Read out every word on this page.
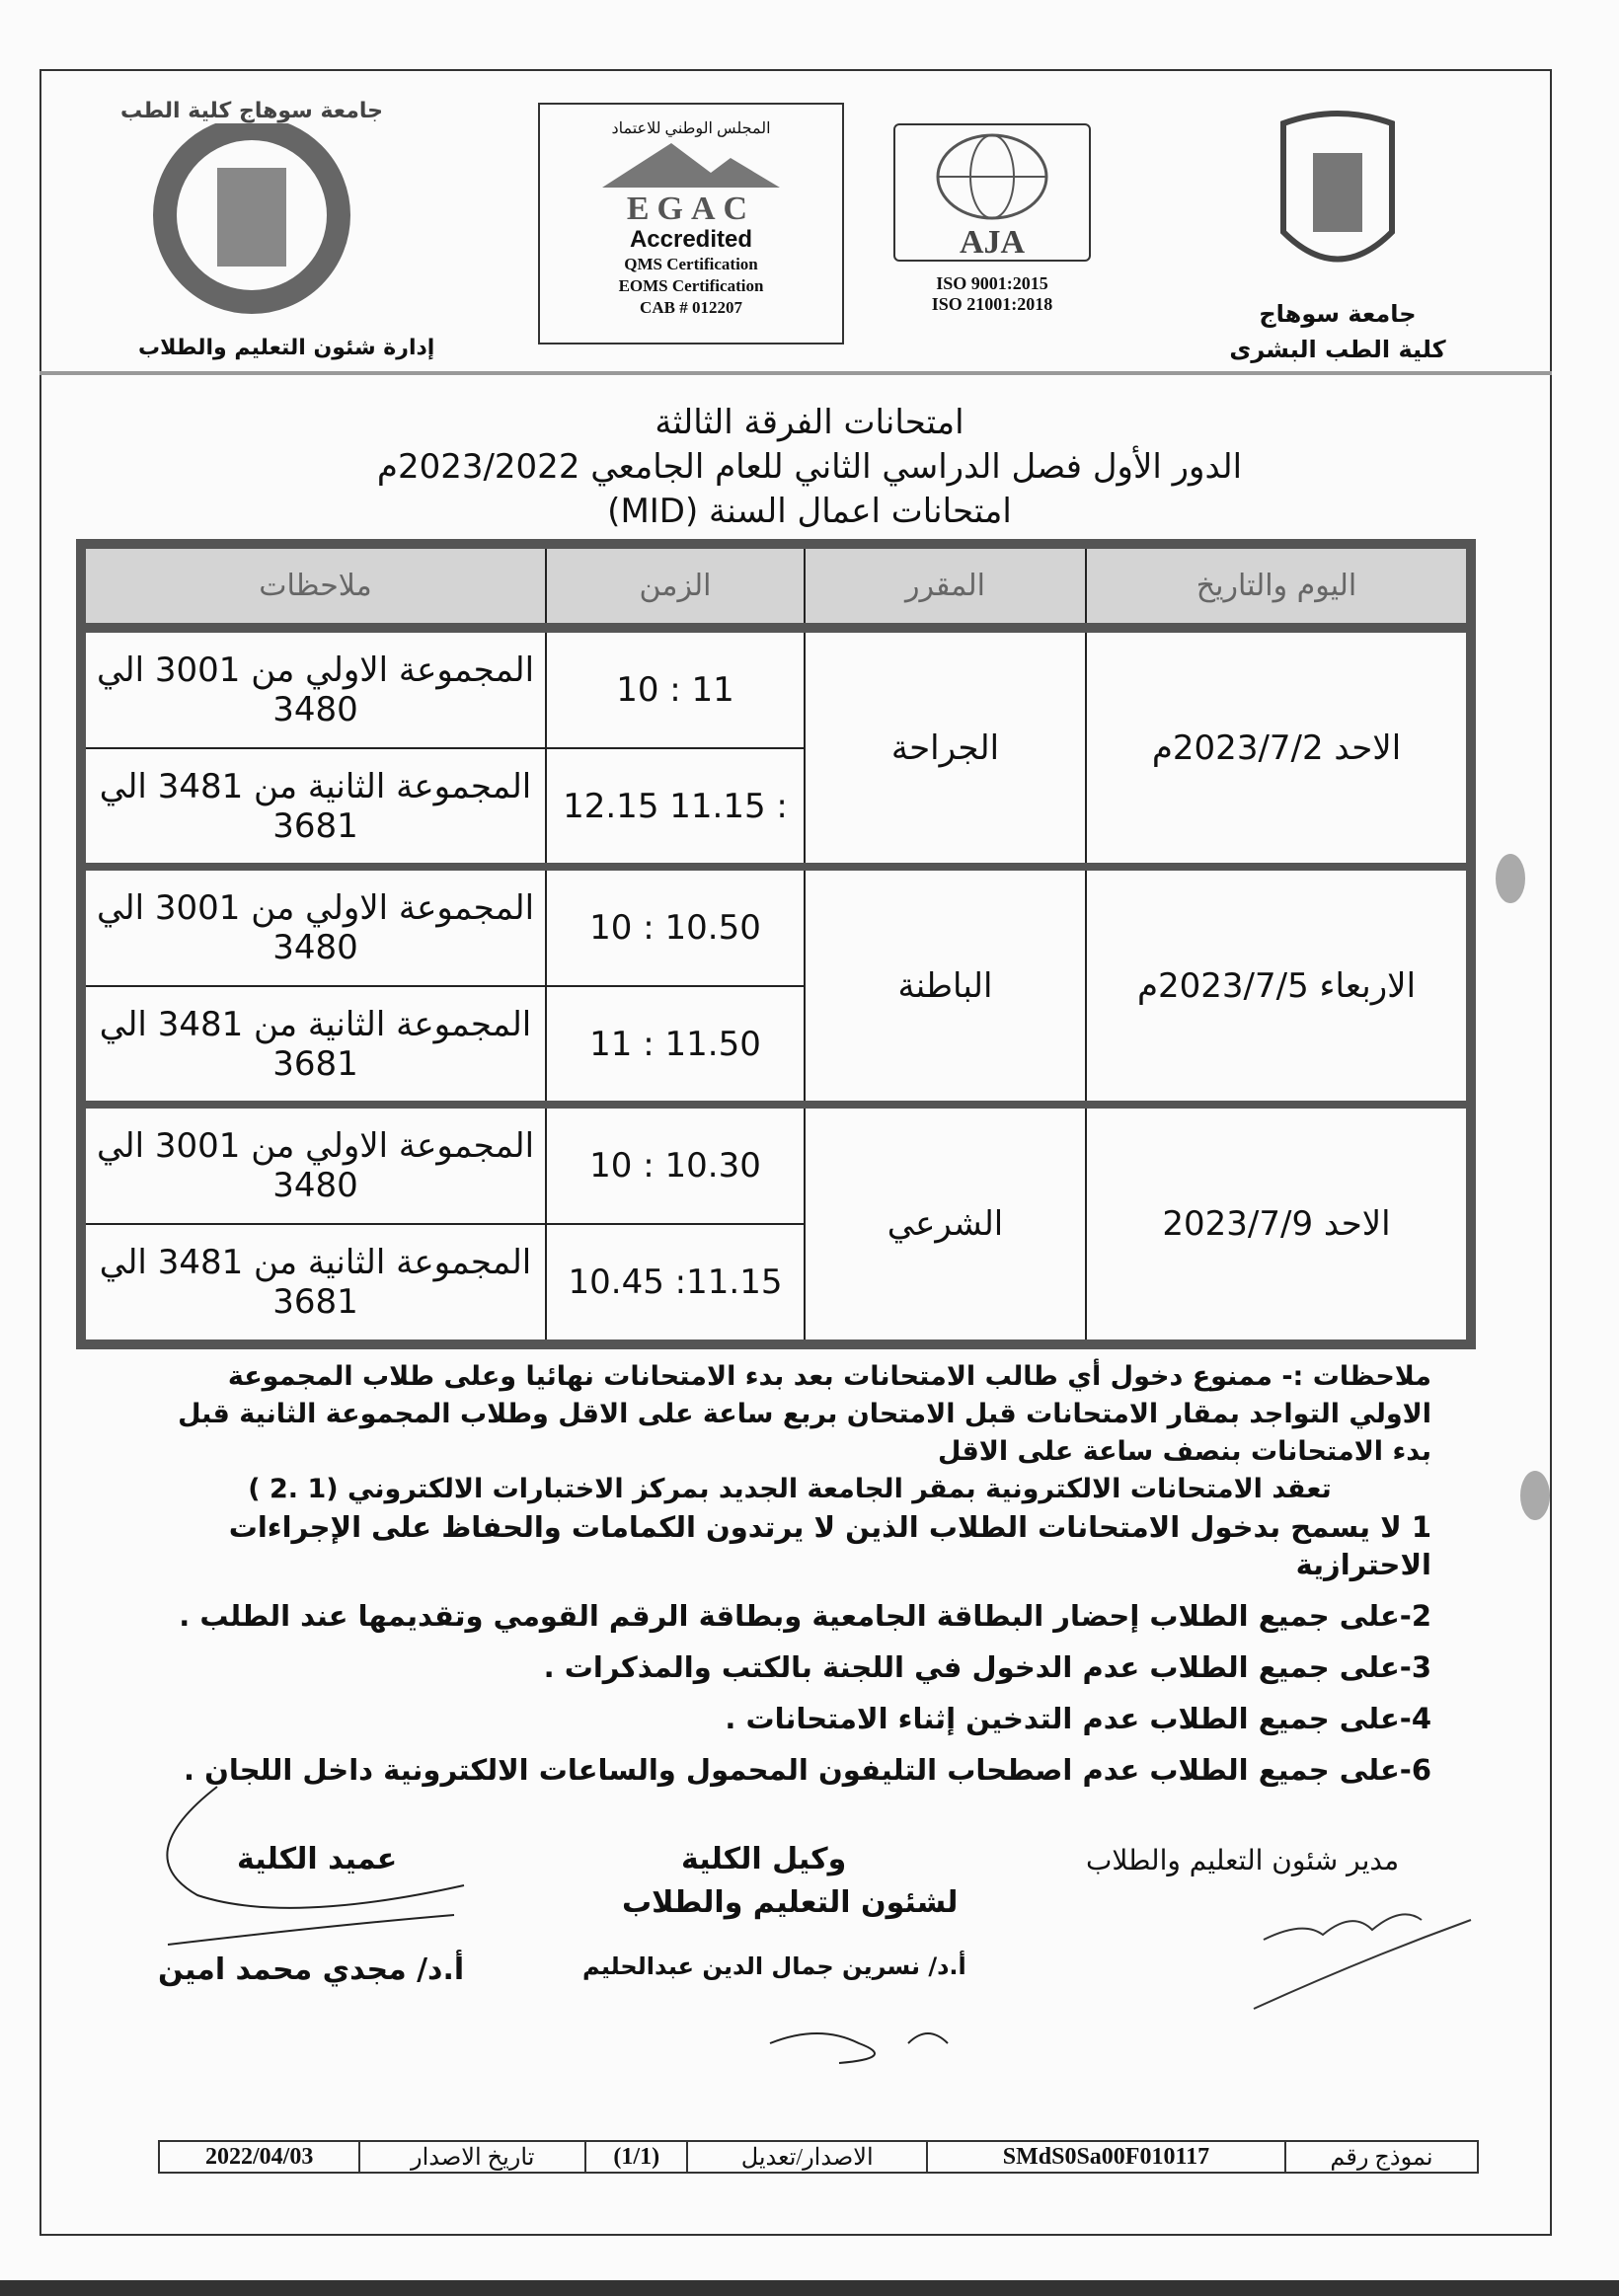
جامعة سوهاج كلية الطب
إدارة شئون التعليم والطلاب
المجلس الوطني للاعتماد
EGAC
Accredited
QMS Certification
EOMS Certification
CAB # 012207
AJA
ISO 9001:2015
ISO 21001:2018	جامعة سوهاج
كلية الطب البشرى
امتحانات الفرقة الثالثة
الدور الأول فصل الدراسي الثاني للعام الجامعي 2023/2022م
امتحانات اعمال السنة (MID)
اليوم والتاريخ	المقرر	الزمن	ملاحظات
الاحد 2023/7/2م	الجراحة	11 : 10	المجموعة الاولي من 3001 الي 3480
		: 11.15 12.15	المجموعة الثانية من 3481 الي 3681
الاربعاء 2023/7/5م	الباطنة	10.50 : 10	المجموعة الاولي من 3001 الي 3480
		11.50 : 11	المجموعة الثانية من 3481 الي 3681
الاحد 2023/7/9	الشرعي	10.30 : 10	المجموعة الاولي من 3001 الي 3480
		11.15: 10.45	المجموعة الثانية من 3481 الي 3681
ملاحظات :- ممنوع دخول أي طالب الامتحانات بعد بدء الامتحانات نهائيا وعلى طلاب المجموعة الاولي التواجد بمقار الامتحانات قبل الامتحان بربع ساعة على الاقل وطلاب المجموعة الثانية قبل بدء الامتحانات بنصف ساعة على الاقل
تعقد الامتحانات الالكترونية بمقر الجامعة الجديد بمركز الاختبارات الالكتروني (1 .2 )
1 لا يسمح بدخول الامتحانات الطلاب الذين لا يرتدون الكمامات والحفاظ على الإجراءات الاحترازية
2-على جميع الطلاب إحضار البطاقة الجامعية وبطاقة الرقم القومي وتقديمها عند الطلب .
3-على جميع الطلاب عدم الدخول في اللجنة بالكتب والمذكرات .
4-على جميع الطلاب عدم التدخين إثناء الامتحانات .
6-على جميع الطلاب عدم اصطحاب التليفون المحمول والساعات الالكترونية داخل اللجان .
مدير شئون التعليم والطلاب
وكيل الكلية
لشئون التعليم والطلاب
أ.د/ نسرين جمال الدين عبدالحليم
عميد الكلية
أ.د/ مجدي محمد امين
نموذج رقم	SMdS0Sa00F010117	الاصدار/تعديل	(1/1)	تاريخ الاصدار	2022/04/03
